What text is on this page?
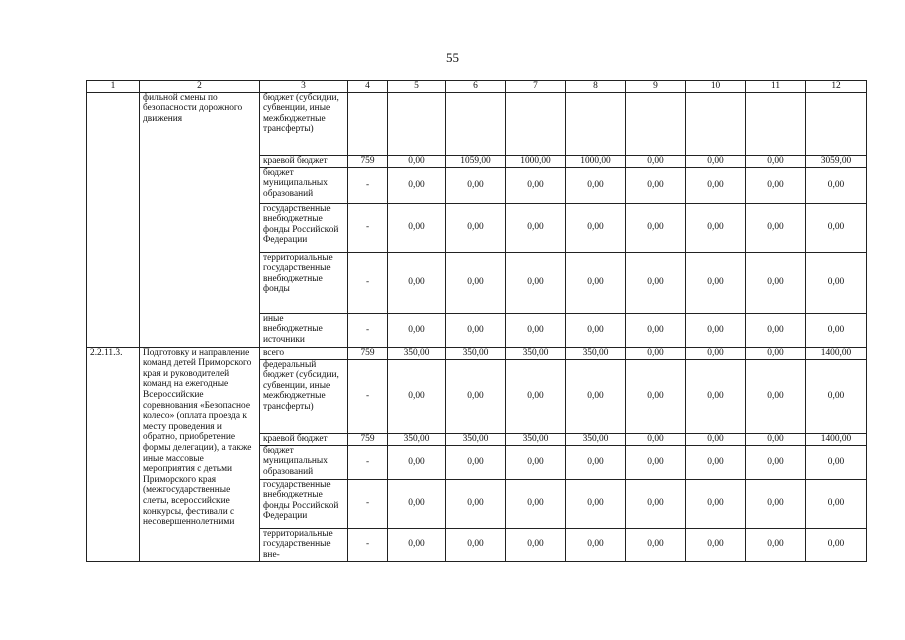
55
1	2	3	4	5	6	7	8	9	10	11	12
	фильной смены по безопасности дорожного движения	бюджет (субсидии, субвенции, иные межбюджетные трансферты)									
		краевой бюджет	759	0,00	1059,00	1000,00	1000,00	0,00	0,00	0,00	3059,00
		бюджет муниципальных образований	-	0,00	0,00	0,00	0,00	0,00	0,00	0,00	0,00
		государственные внебюджетные фонды Российской Федерации	-	0,00	0,00	0,00	0,00	0,00	0,00	0,00	0,00
		территориальные государственные внебюджетные фонды	-	0,00	0,00	0,00	0,00	0,00	0,00	0,00	0,00
		иные внебюджетные источники	-	0,00	0,00	0,00	0,00	0,00	0,00	0,00	0,00
2.2.11.3.	Подготовку и направление команд детей Приморского края и руководителей команд на ежегодные Всероссийские соревнования «Безопасное колесо» (оплата проезда к месту проведения и обратно, приобретение формы делегации), а также иные массовые мероприятия с детьми Приморского края (межгосударственные слеты, всероссийские конкурсы, фестивали с несовершеннолетними	всего	759	350,00	350,00	350,00	350,00	0,00	0,00	0,00	1400,00
		федеральный бюджет (субсидии, субвенции, иные межбюджетные трансферты)	-	0,00	0,00	0,00	0,00	0,00	0,00	0,00	0,00
		краевой бюджет	759	350,00	350,00	350,00	350,00	0,00	0,00	0,00	1400,00
		бюджет муниципальных образований	-	0,00	0,00	0,00	0,00	0,00	0,00	0,00	0,00
		государственные внебюджетные фонды Российской Федерации	-	0,00	0,00	0,00	0,00	0,00	0,00	0,00	0,00
		территориальные государственные вне-	-	0,00	0,00	0,00	0,00	0,00	0,00	0,00	0,00
